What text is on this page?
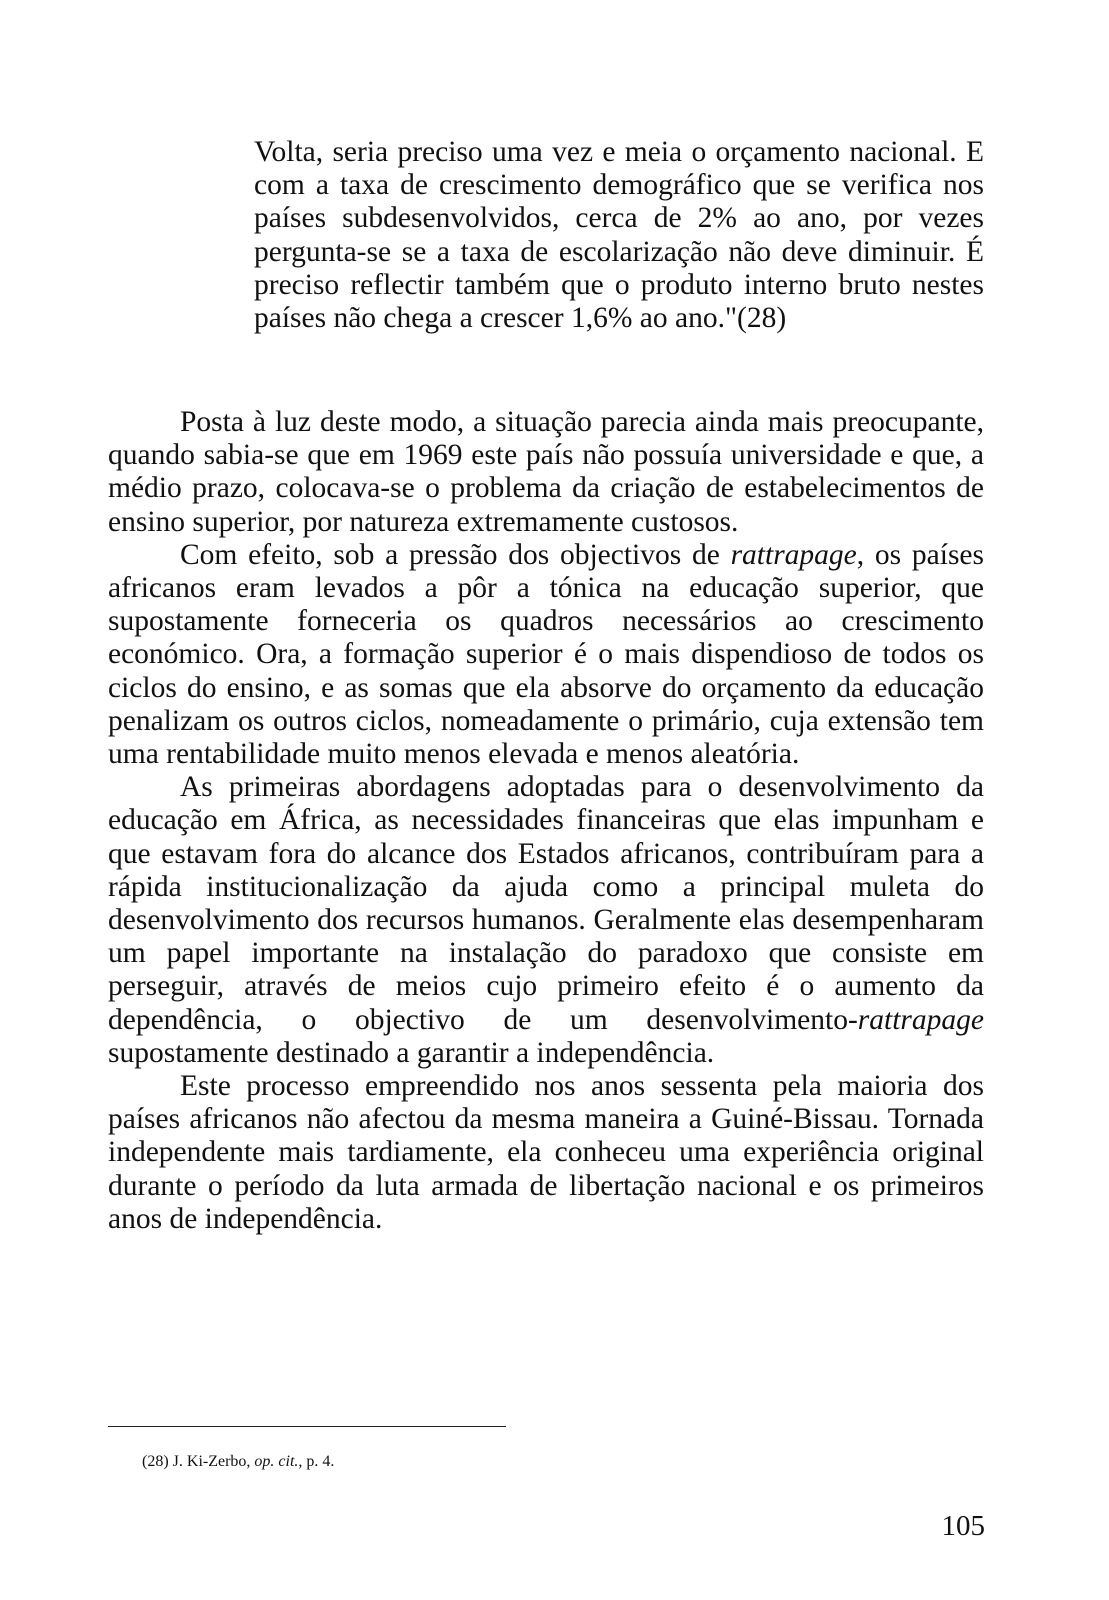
Volta, seria preciso uma vez e meia o orçamento nacional. E com a taxa de crescimento demográfico que se verifica nos países subdesenvolvidos, cerca de 2% ao ano, por vezes pergunta-se se a taxa de escolarização não deve diminuir. É preciso reflectir também que o produto interno bruto nestes países não chega a crescer 1,6% ao ano."(28)

Posta à luz deste modo, a situação parecia ainda mais preocupante, quando sabia-se que em 1969 este país não possuía universidade e que, a médio prazo, colocava-se o problema da criação de estabelecimentos de ensino superior, por natureza extremamente custosos.

Com efeito, sob a pressão dos objectivos de rattrapage, os países africanos eram levados a pôr a tónica na educação superior, que supostamente forneceria os quadros necessários ao crescimento económico. Ora, a formação superior é o mais dispendioso de todos os ciclos do ensino, e as somas que ela absorve do orçamento da educação penalizam os outros ciclos, nomeadamente o primário, cuja extensão tem uma rentabilidade muito menos elevada e menos aleatória.

As primeiras abordagens adoptadas para o desenvolvimento da educação em África, as necessidades financeiras que elas impunham e que estavam fora do alcance dos Estados africanos, contribuíram para a rápida institucionalização da ajuda como a principal muleta do desenvolvimento dos recursos humanos. Geralmente elas desempenharam um papel importante na instalação do paradoxo que consiste em perseguir, através de meios cujo primeiro efeito é o aumento da dependência, o objectivo de um desenvolvimento-rattrapage supostamente destinado a garantir a independência.

Este processo empreendido nos anos sessenta pela maioria dos países africanos não afectou da mesma maneira a Guiné-Bissau. Tornada independente mais tardiamente, ela conheceu uma experiência original durante o período da luta armada de libertação nacional e os primeiros anos de independência.

(28) J. Ki-Zerbo, op. cit., p. 4.
105
